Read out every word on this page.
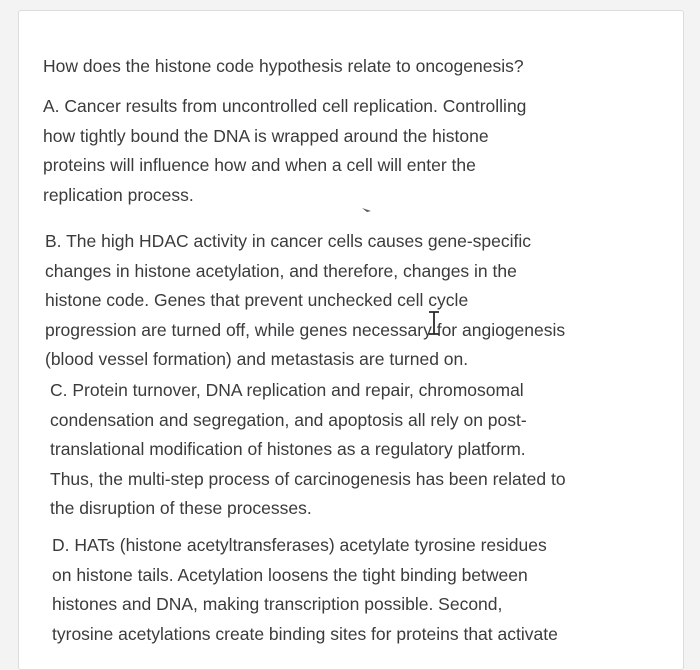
How does the histone code hypothesis relate to oncogenesis?
A. Cancer results from uncontrolled cell replication. Controlling
how tightly bound the DNA is wrapped around the histone
proteins will influence how and when a cell will enter the
replication process.
B. The high HDAC activity in cancer cells causes gene-specific
changes in histone acetylation, and therefore, changes in the
histone code. Genes that prevent unchecked cell cycle
progression are turned off, while genes necessary for angiogenesis
(blood vessel formation) and metastasis are turned on.
C. Protein turnover, DNA replication and repair, chromosomal
condensation and segregation, and apoptosis all rely on post-
translational modification of histones as a regulatory platform.
Thus, the multi-step process of carcinogenesis has been related to
the disruption of these processes.
D. HATs (histone acetyltransferases) acetylate tyrosine residues
on histone tails. Acetylation loosens the tight binding between
histones and DNA, making transcription possible. Second,
tyrosine acetylations create binding sites for proteins that activate
